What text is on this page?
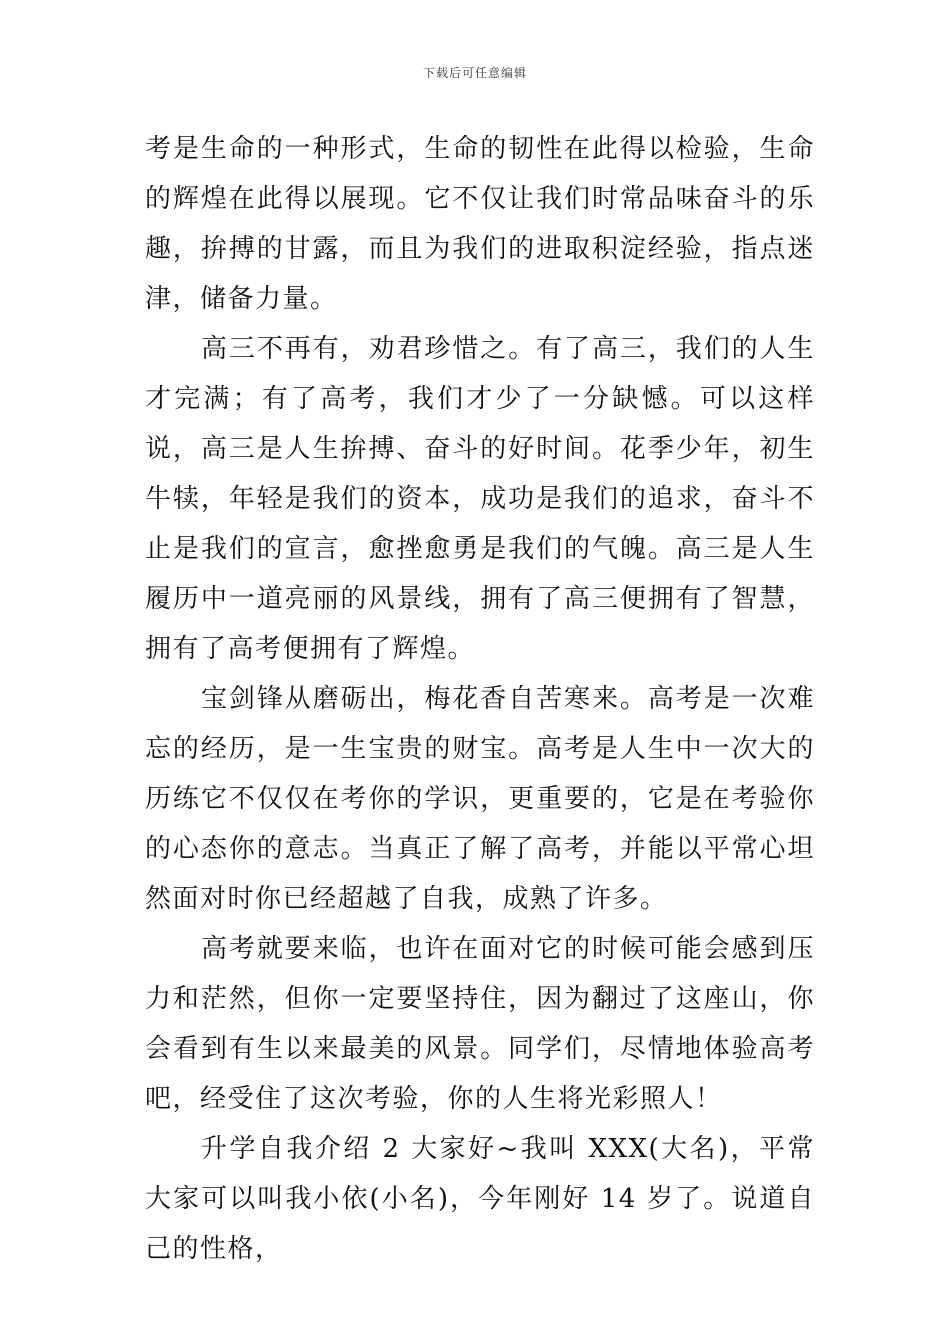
下载后可任意编辑

考是生命的一种形式，生命的韧性在此得以检验，生命的辉煌在此得以展现。它不仅让我们时常品味奋斗的乐趣，拚搏的甘露，而且为我们的进取积淀经验，指点迷津，储备力量。

高三不再有，劝君珍惜之。有了高三，我们的人生才完满；有了高考，我们才少了一分缺憾。可以这样说，高三是人生拚搏、奋斗的好时间。花季少年，初生牛犊，年轻是我们的资本，成功是我们的追求，奋斗不止是我们的宣言，愈挫愈勇是我们的气魄。高三是人生履历中一道亮丽的风景线，拥有了高三便拥有了智慧，拥有了高考便拥有了辉煌。

宝剑锋从磨砺出，梅花香自苦寒来。高考是一次难忘的经历，是一生宝贵的财宝。高考是人生中一次大的历练它不仅仅在考你的学识，更重要的，它是在考验你的心态你的意志。当真正了解了高考，并能以平常心坦然面对时你已经超越了自我，成熟了许多。

高考就要来临，也许在面对它的时候可能会感到压力和茫然，但你一定要坚持住，因为翻过了这座山，你会看到有生以来最美的风景。同学们，尽情地体验高考吧，经受住了这次考验，你的人生将光彩照人！

升学自我介绍 2 大家好~我叫 XXX(大名)，平常大家可以叫我小依(小名)，今年刚好 14 岁了。说道自己的性格，
